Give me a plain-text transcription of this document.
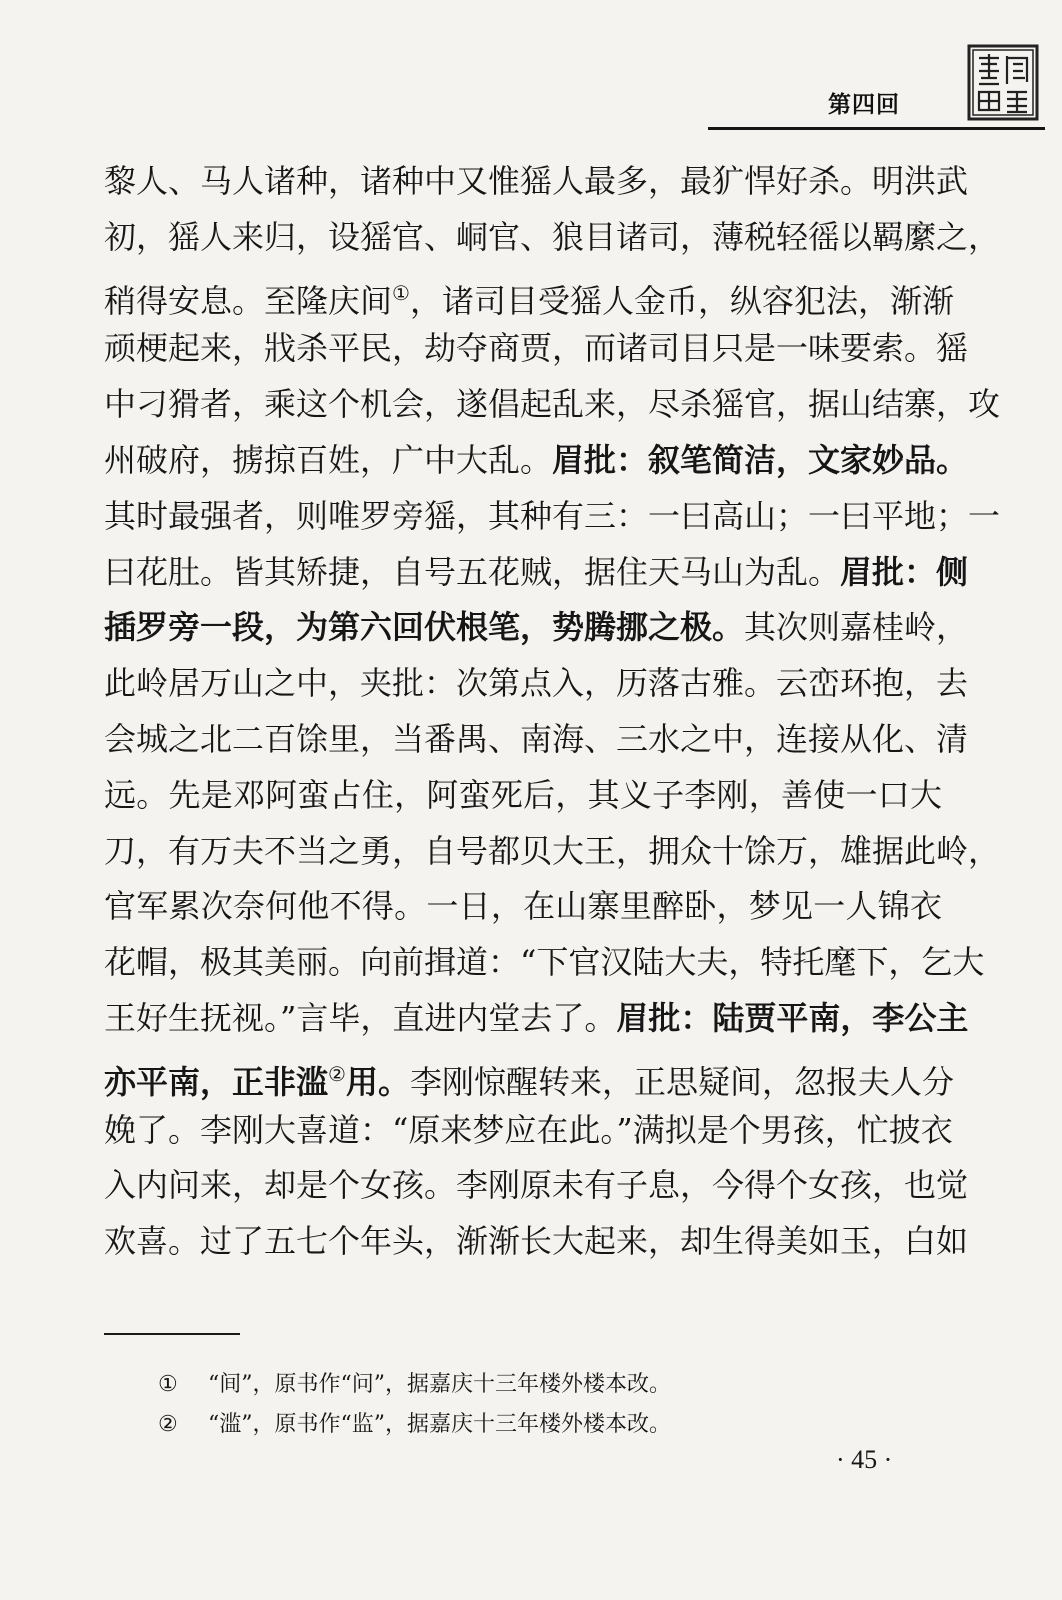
第四回
黎人、马人诸种，诸种中又惟猺人最多，最犷悍好杀。明洪武
初，猺人来归，设猺官、峒官、狼目诸司，薄税轻徭以羁縻之，
稍得安息。至隆庆间①，诸司目受猺人金币，纵容犯法，渐渐
顽梗起来，戕杀平民，劫夺商贾，而诸司目只是一味要索。猺
中刁猾者，乘这个机会，遂倡起乱来，尽杀猺官，据山结寨，攻
州破府，掳掠百姓，广中大乱。眉批：叙笔简洁，文家妙品。
其时最强者，则唯罗旁猺，其种有三：一曰高山；一曰平地；一
曰花肚。皆其矫捷，自号五花贼，据住天马山为乱。眉批：侧
插罗旁一段，为第六回伏根笔，势腾挪之极。其次则嘉桂岭，
此岭居万山之中，夹批：次第点入，历落古雅。云峦环抱，去
会城之北二百馀里，当番禺、南海、三水之中，连接从化、清
远。先是邓阿蛮占住，阿蛮死后，其义子李刚，善使一口大
刀，有万夫不当之勇，自号都贝大王，拥众十馀万，雄据此岭，
官军累次奈何他不得。一日，在山寨里醉卧，梦见一人锦衣
花帽，极其美丽。向前揖道：“下官汉陆大夫，特托麾下，乞大
王好生抚视。”言毕，直进内堂去了。眉批：陆贾平南，李公主
亦平南，正非滥②用。李刚惊醒转来，正思疑间，忽报夫人分
娩了。李刚大喜道：“原来梦应在此。”满拟是个男孩，忙披衣
入内问来，却是个女孩。李刚原未有子息，今得个女孩，也觉
欢喜。过了五七个年头，渐渐长大起来，却生得美如玉，白如
① “间”，原书作“问”，据嘉庆十三年楼外楼本改。
② “滥”，原书作“监”，据嘉庆十三年楼外楼本改。
· 45 ·
